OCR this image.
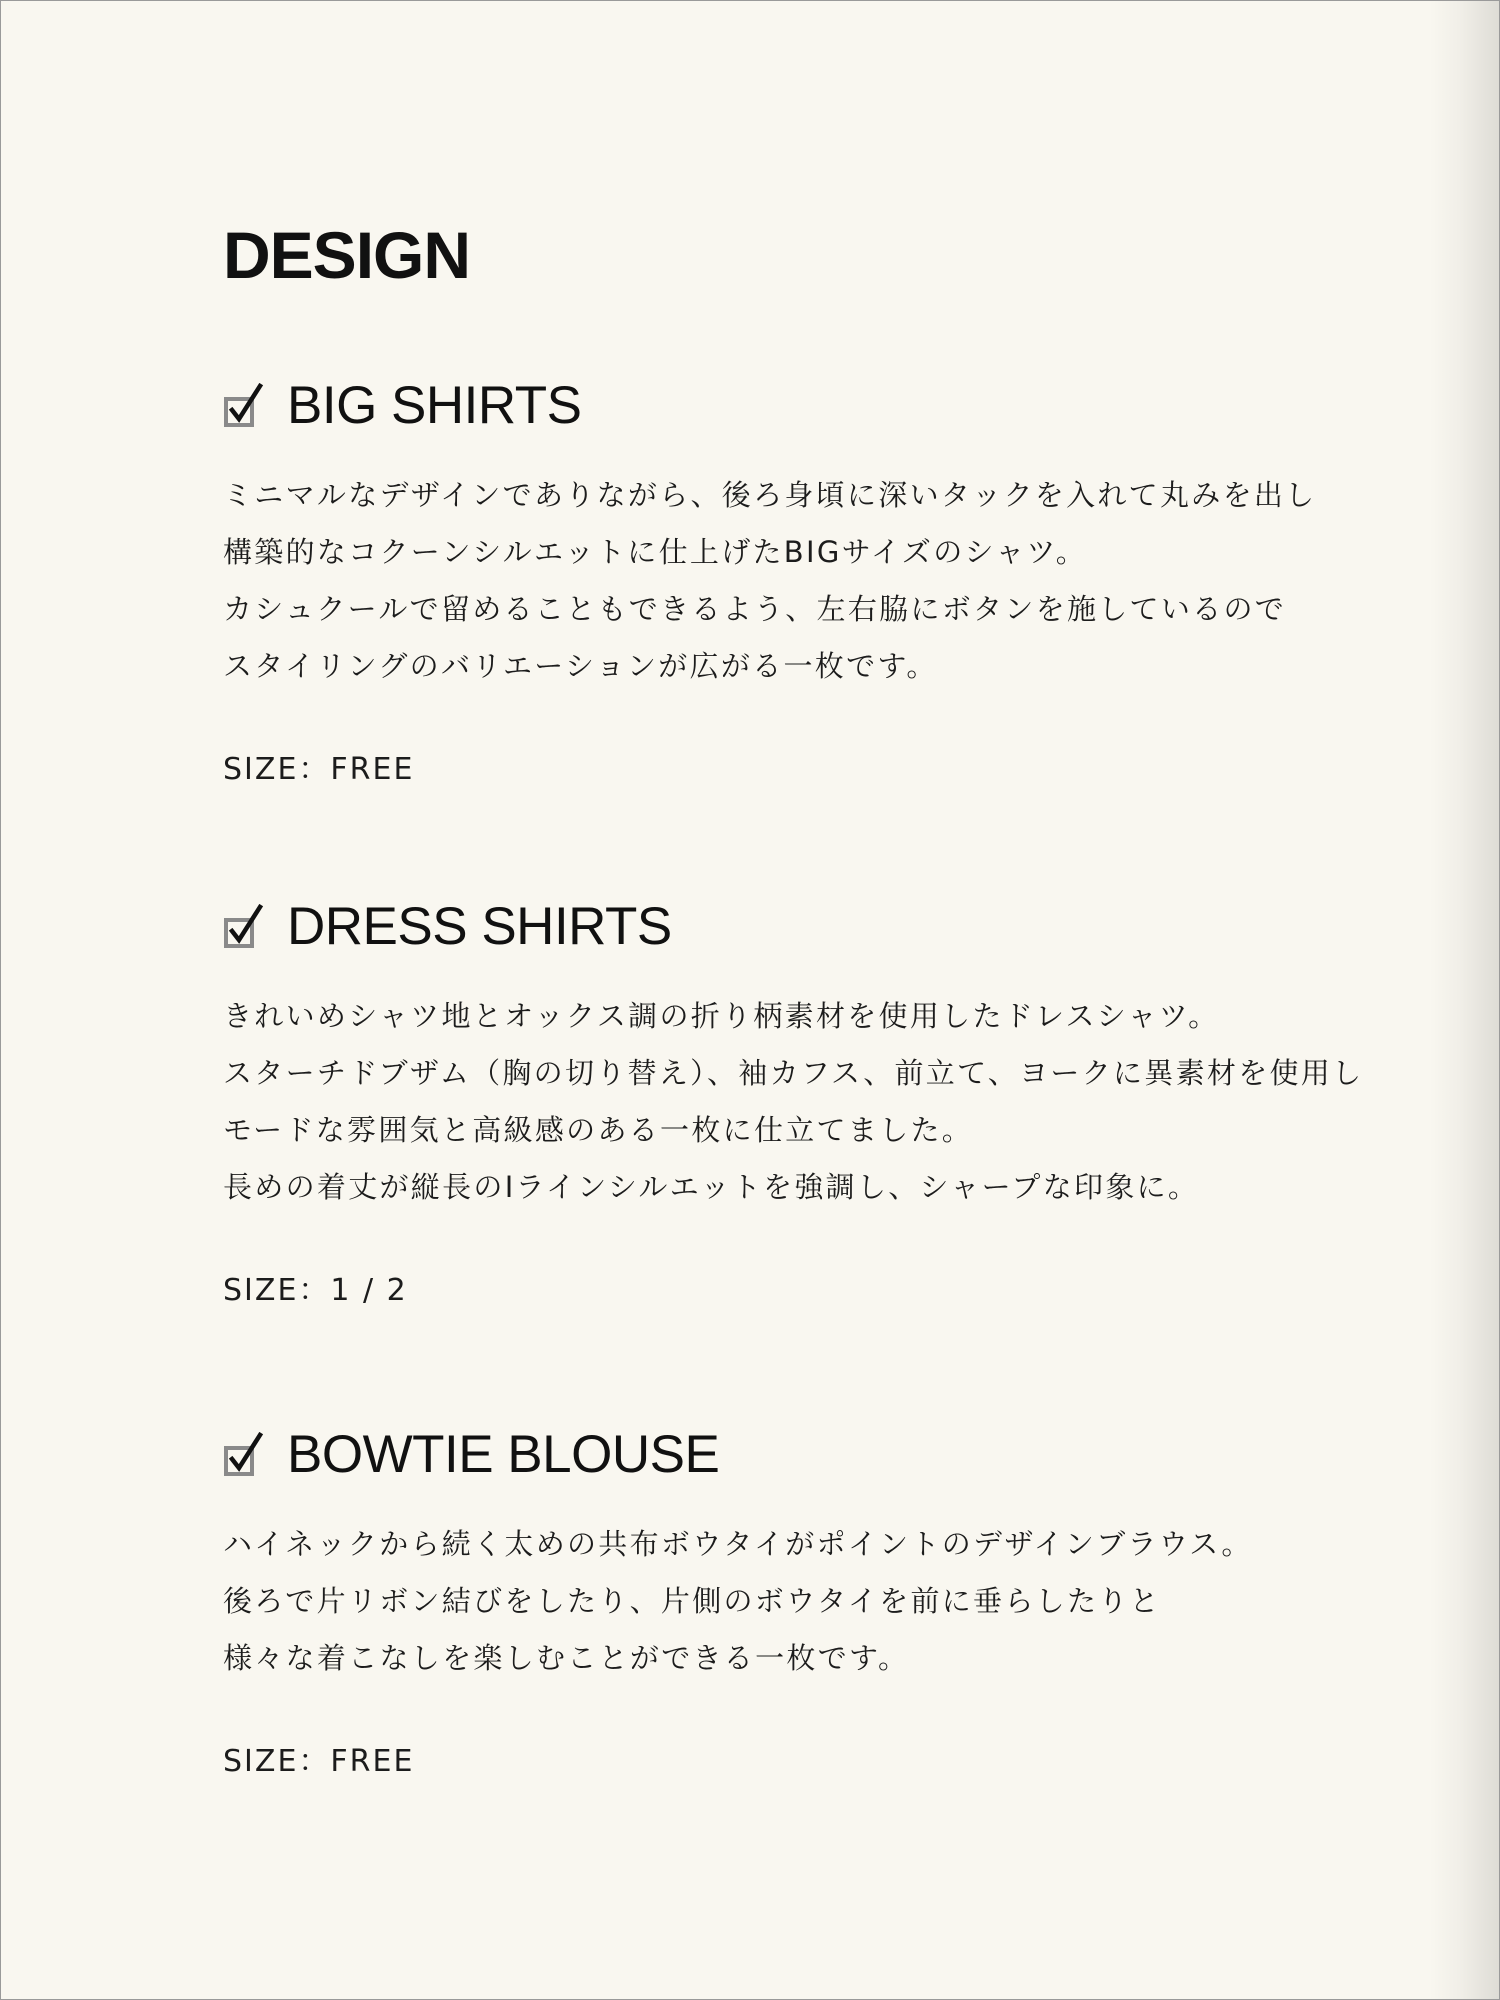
DESIGN
BIG SHIRTS
ミニマルなデザインでありながら、後ろ身頃に深いタックを入れて丸みを出し
構築的なコクーンシルエットに仕上げたBIGサイズのシャツ。
カシュクールで留めることもできるよう、左右脇にボタンを施しているので
スタイリングのバリエーションが広がる一枚です。
SIZE：FREE
DRESS SHIRTS
きれいめシャツ地とオックス調の折り柄素材を使用したドレスシャツ。
スターチドブザム（胸の切り替え）、袖カフス、前立て、ヨークに異素材を使用し
モードな雰囲気と高級感のある一枚に仕立てました。
長めの着丈が縦長のIラインシルエットを強調し、シャープな印象に。
SIZE：1 / 2
BOWTIE BLOUSE
ハイネックから続く太めの共布ボウタイがポイントのデザインブラウス。
後ろで片リボン結びをしたり、片側のボウタイを前に垂らしたりと
様々な着こなしを楽しむことができる一枚です。
SIZE：FREE
